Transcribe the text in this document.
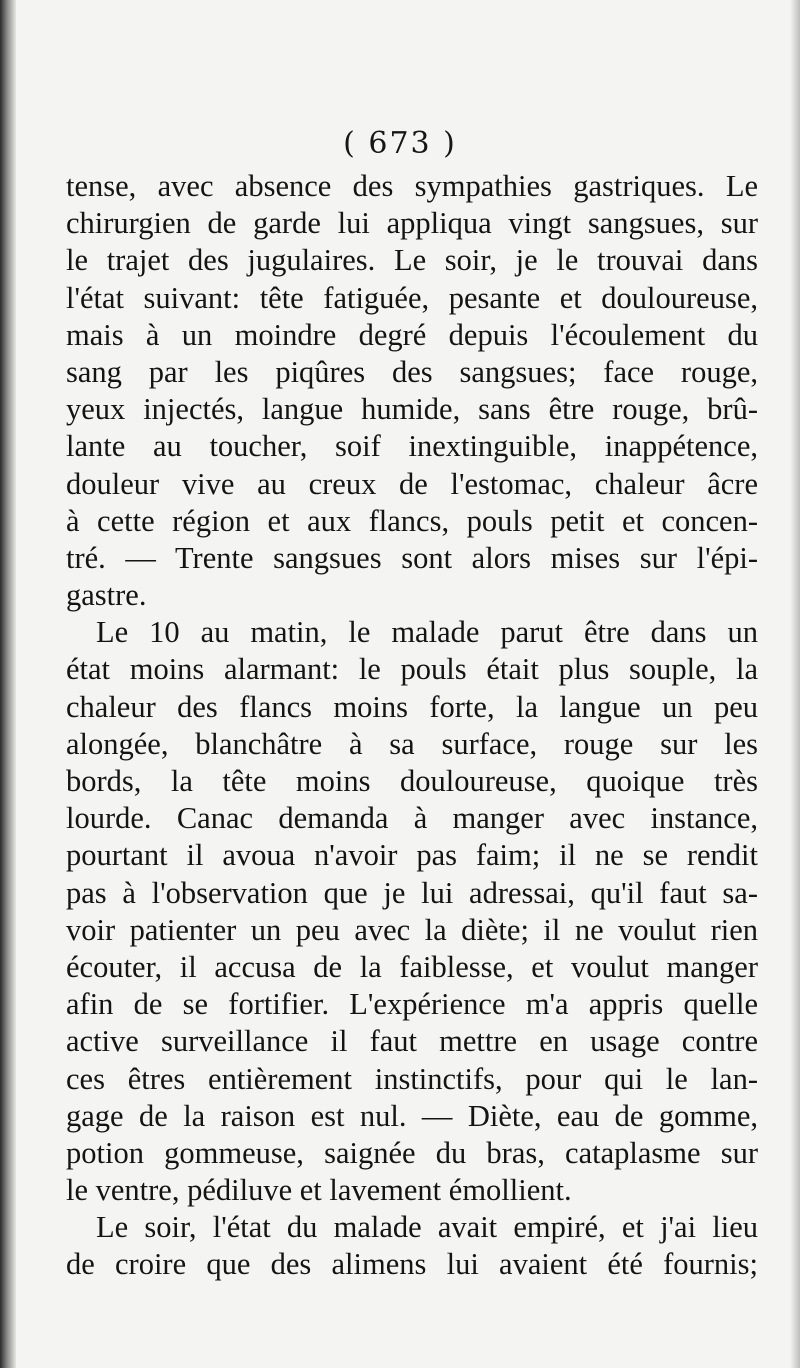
( 673 )
tense, avec absence des sympathies gastriques. Le
chirurgien de garde lui appliqua vingt sangsues, sur
le trajet des jugulaires. Le soir, je le trouvai dans
l'état suivant: tête fatiguée, pesante et douloureuse,
mais à un moindre degré depuis l'écoulement du
sang par les piqûres des sangsues; face rouge,
yeux injectés, langue humide, sans être rouge, brû-
lante au toucher, soif inextinguible, inappétence,
douleur vive au creux de l'estomac, chaleur âcre
à cette région et aux flancs, pouls petit et concen-
tré. — Trente sangsues sont alors mises sur l'épi-
gastre.
Le 10 au matin, le malade parut être dans un
état moins alarmant: le pouls était plus souple, la
chaleur des flancs moins forte, la langue un peu
alongée, blanchâtre à sa surface, rouge sur les
bords, la tête moins douloureuse, quoique très
lourde. Canac demanda à manger avec instance,
pourtant il avoua n'avoir pas faim; il ne se rendit
pas à l'observation que je lui adressai, qu'il faut sa-
voir patienter un peu avec la diète; il ne voulut rien
écouter, il accusa de la faiblesse, et voulut manger
afin de se fortifier. L'expérience m'a appris quelle
active surveillance il faut mettre en usage contre
ces êtres entièrement instinctifs, pour qui le lan-
gage de la raison est nul. — Diète, eau de gomme,
potion gommeuse, saignée du bras, cataplasme sur
le ventre, pédiluve et lavement émollient.
Le soir, l'état du malade avait empiré, et j'ai lieu
de croire que des alimens lui avaient été fournis;
